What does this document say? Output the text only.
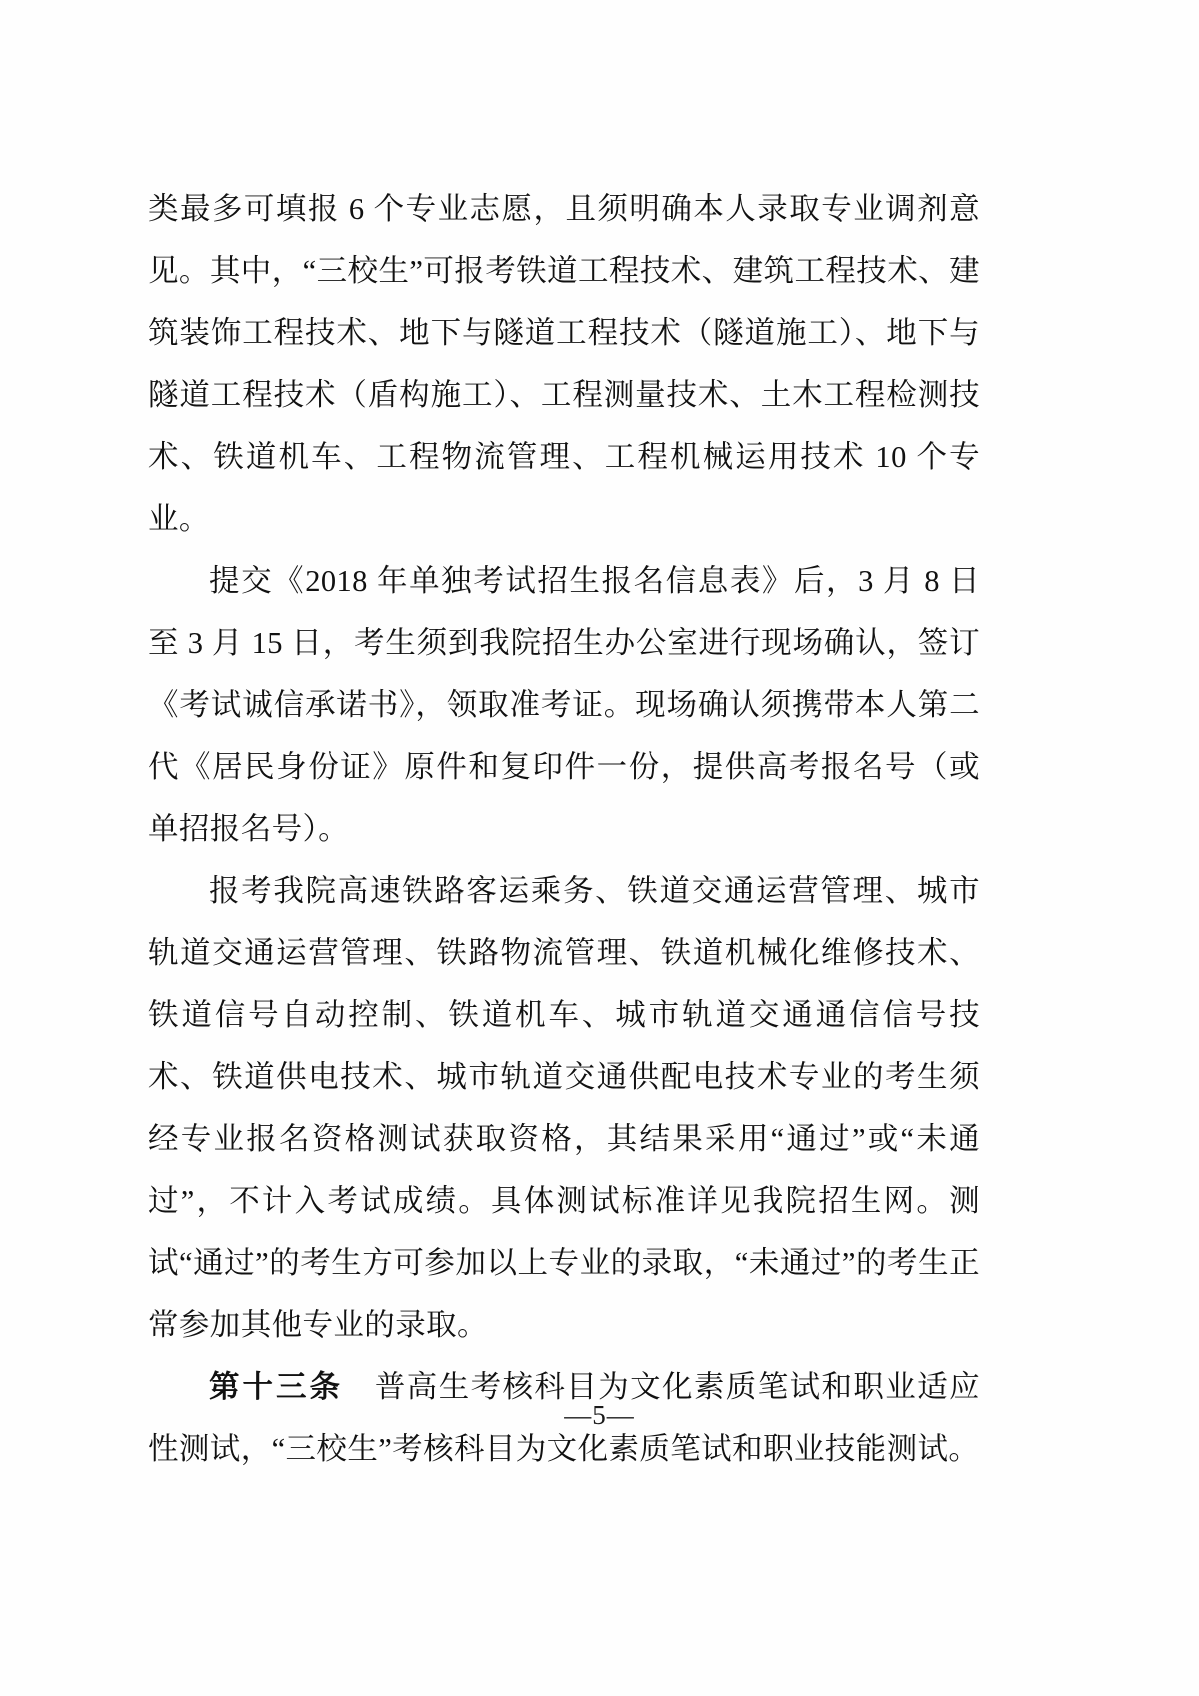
类最多可填报 6 个专业志愿，且须明确本人录取专业调剂意见。其中，“三校生”可报考铁道工程技术、建筑工程技术、建筑装饰工程技术、地下与隧道工程技术（隧道施工）、地下与隧道工程技术（盾构施工）、工程测量技术、土木工程检测技术、铁道机车、工程物流管理、工程机械运用技术 10 个专业。

提交《2018 年单独考试招生报名信息表》后，3 月 8 日至 3 月 15 日，考生须到我院招生办公室进行现场确认，签订《考试诚信承诺书》，领取准考证。现场确认须携带本人第二代《居民身份证》原件和复印件一份，提供高考报名号（或单招报名号）。

报考我院高速铁路客运乘务、铁道交通运营管理、城市轨道交通运营管理、铁路物流管理、铁道机械化维修技术、铁道信号自动控制、铁道机车、城市轨道交通通信信号技术、铁道供电技术、城市轨道交通供配电技术专业的考生须经专业报名资格测试获取资格，其结果采用“通过”或“未通过”，不计入考试成绩。具体测试标准详见我院招生网。测试“通过”的考生方可参加以上专业的录取，“未通过”的考生正常参加其他专业的录取。

第十三条　 普高生考核科目为文化素质笔试和职业适应性测试，“三校生”考核科目为文化素质笔试和职业技能测试。

—5—
